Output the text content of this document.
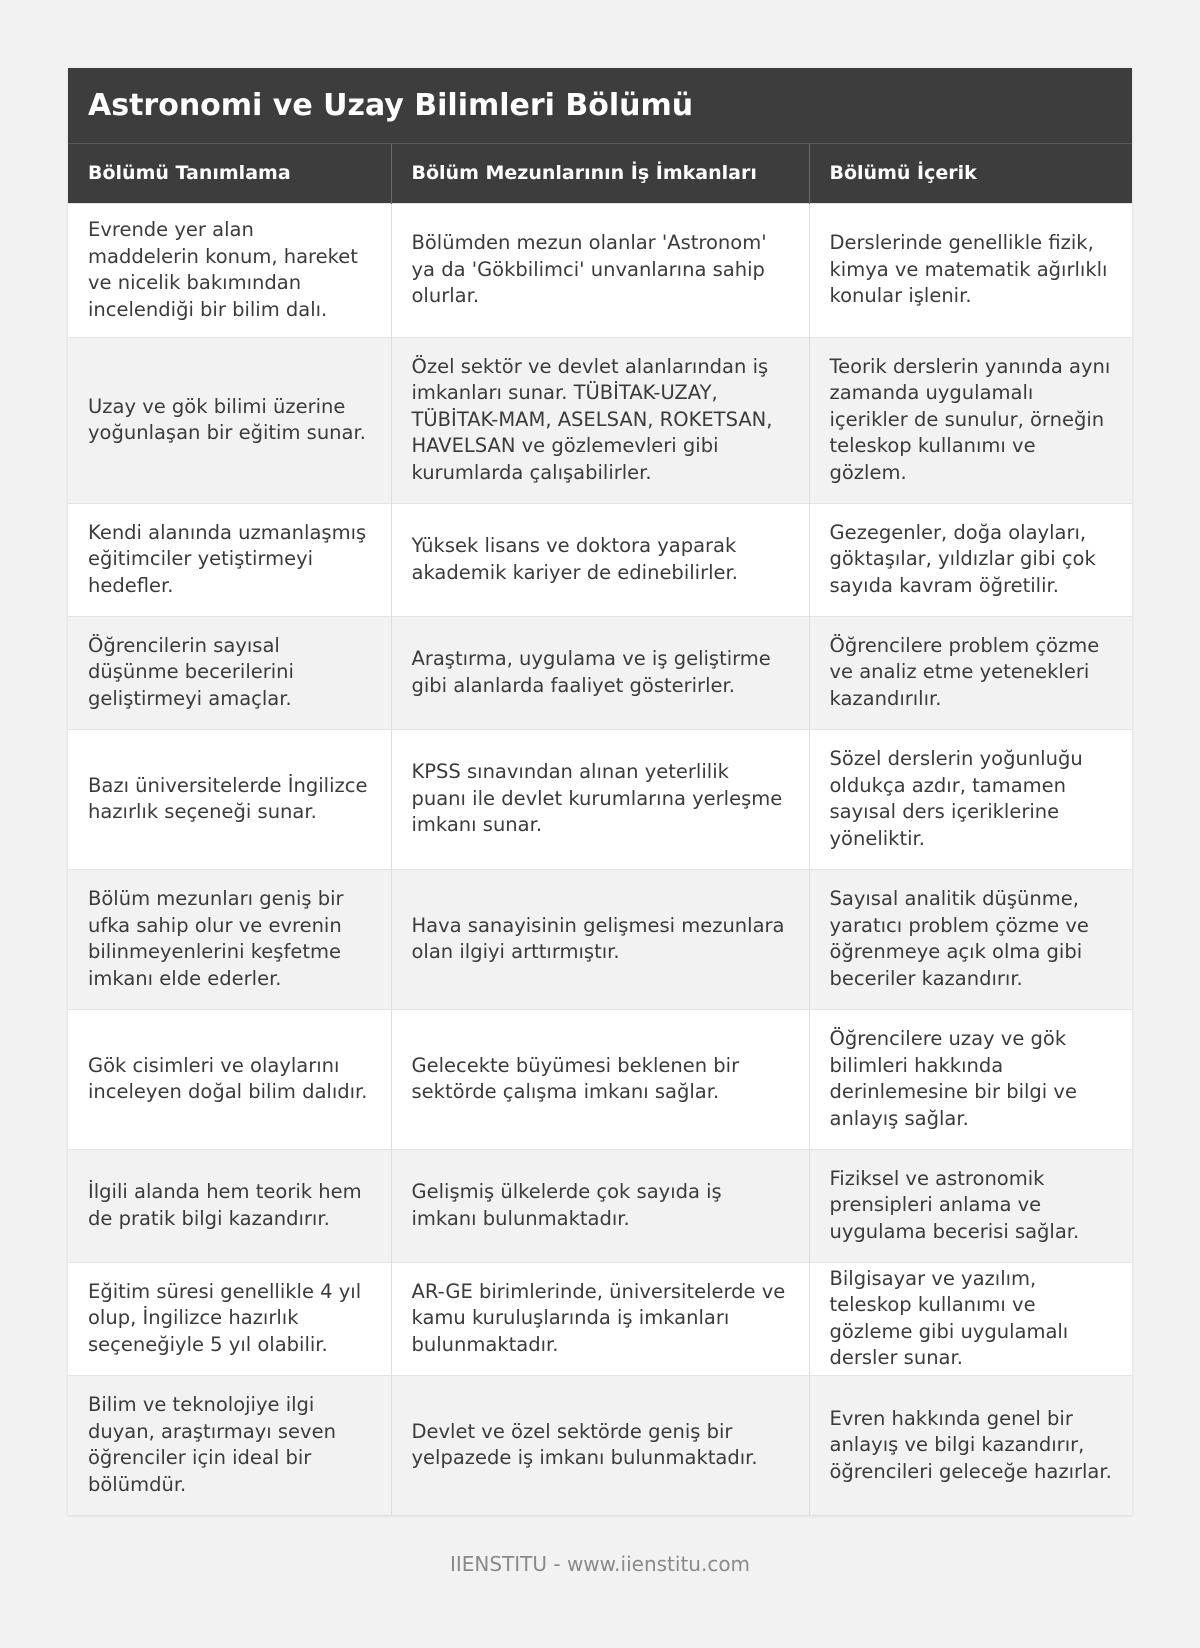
Astronomi ve Uzay Bilimleri Bölümü
Bölümü Tanımlama	Bölüm Mezunlarının İş İmkanları	Bölümü İçerik
Evrende yer alan maddelerin konum, hareket ve nicelik bakımından incelendiği bir bilim dalı.	Bölümden mezun olanlar 'Astronom' ya da 'Gökbilimci' unvanlarına sahip olurlar.	Derslerinde genellikle fizik, kimya ve matematik ağırlıklı konular işlenir.
Uzay ve gök bilimi üzerine yoğunlaşan bir eğitim sunar.	Özel sektör ve devlet alanlarından iş imkanları sunar. TÜBİTAK-UZAY, TÜBİTAK-MAM, ASELSAN, ROKETSAN, HAVELSAN ve gözlemevleri gibi kurumlarda çalışabilirler.	Teorik derslerin yanında aynı zamanda uygulamalı içerikler de sunulur, örneğin teleskop kullanımı ve gözlem.
Kendi alanında uzmanlaşmış eğitimciler yetiştirmeyi hedefler.	Yüksek lisans ve doktora yaparak akademik kariyer de edinebilirler.	Gezegenler, doğa olayları, göktaşılar, yıldızlar gibi çok sayıda kavram öğretilir.
Öğrencilerin sayısal düşünme becerilerini geliştirmeyi amaçlar.	Araştırma, uygulama ve iş geliştirme gibi alanlarda faaliyet gösterirler.	Öğrencilere problem çözme ve analiz etme yetenekleri kazandırılır.
Bazı üniversitelerde İngilizce hazırlık seçeneği sunar.	KPSS sınavından alınan yeterlilik puanı ile devlet kurumlarına yerleşme imkanı sunar.	Sözel derslerin yoğunluğu oldukça azdır, tamamen sayısal ders içeriklerine yöneliktir.
Bölüm mezunları geniş bir ufka sahip olur ve evrenin bilinmeyenlerini keşfetme imkanı elde ederler.	Hava sanayisinin gelişmesi mezunlara olan ilgiyi arttırmıştır.	Sayısal analitik düşünme, yaratıcı problem çözme ve öğrenmeye açık olma gibi beceriler kazandırır.
Gök cisimleri ve olaylarını inceleyen doğal bilim dalıdır.	Gelecekte büyümesi beklenen bir sektörde çalışma imkanı sağlar.	Öğrencilere uzay ve gök bilimleri hakkında derinlemesine bir bilgi ve anlayış sağlar.
İlgili alanda hem teorik hem de pratik bilgi kazandırır.	Gelişmiş ülkelerde çok sayıda iş imkanı bulunmaktadır.	Fiziksel ve astronomik prensipleri anlama ve uygulama becerisi sağlar.
Eğitim süresi genellikle 4 yıl olup, İngilizce hazırlık seçeneğiyle 5 yıl olabilir.	AR-GE birimlerinde, üniversitelerde ve kamu kuruluşlarında iş imkanları bulunmaktadır.	Bilgisayar ve yazılım, teleskop kullanımı ve gözleme gibi uygulamalı dersler sunar.
Bilim ve teknolojiye ilgi duyan, araştırmayı seven öğrenciler için ideal bir bölümdür.	Devlet ve özel sektörde geniş bir yelpazede iş imkanı bulunmaktadır.	Evren hakkında genel bir anlayış ve bilgi kazandırır, öğrencileri geleceğe hazırlar.
IIENSTITU - www.iienstitu.com
